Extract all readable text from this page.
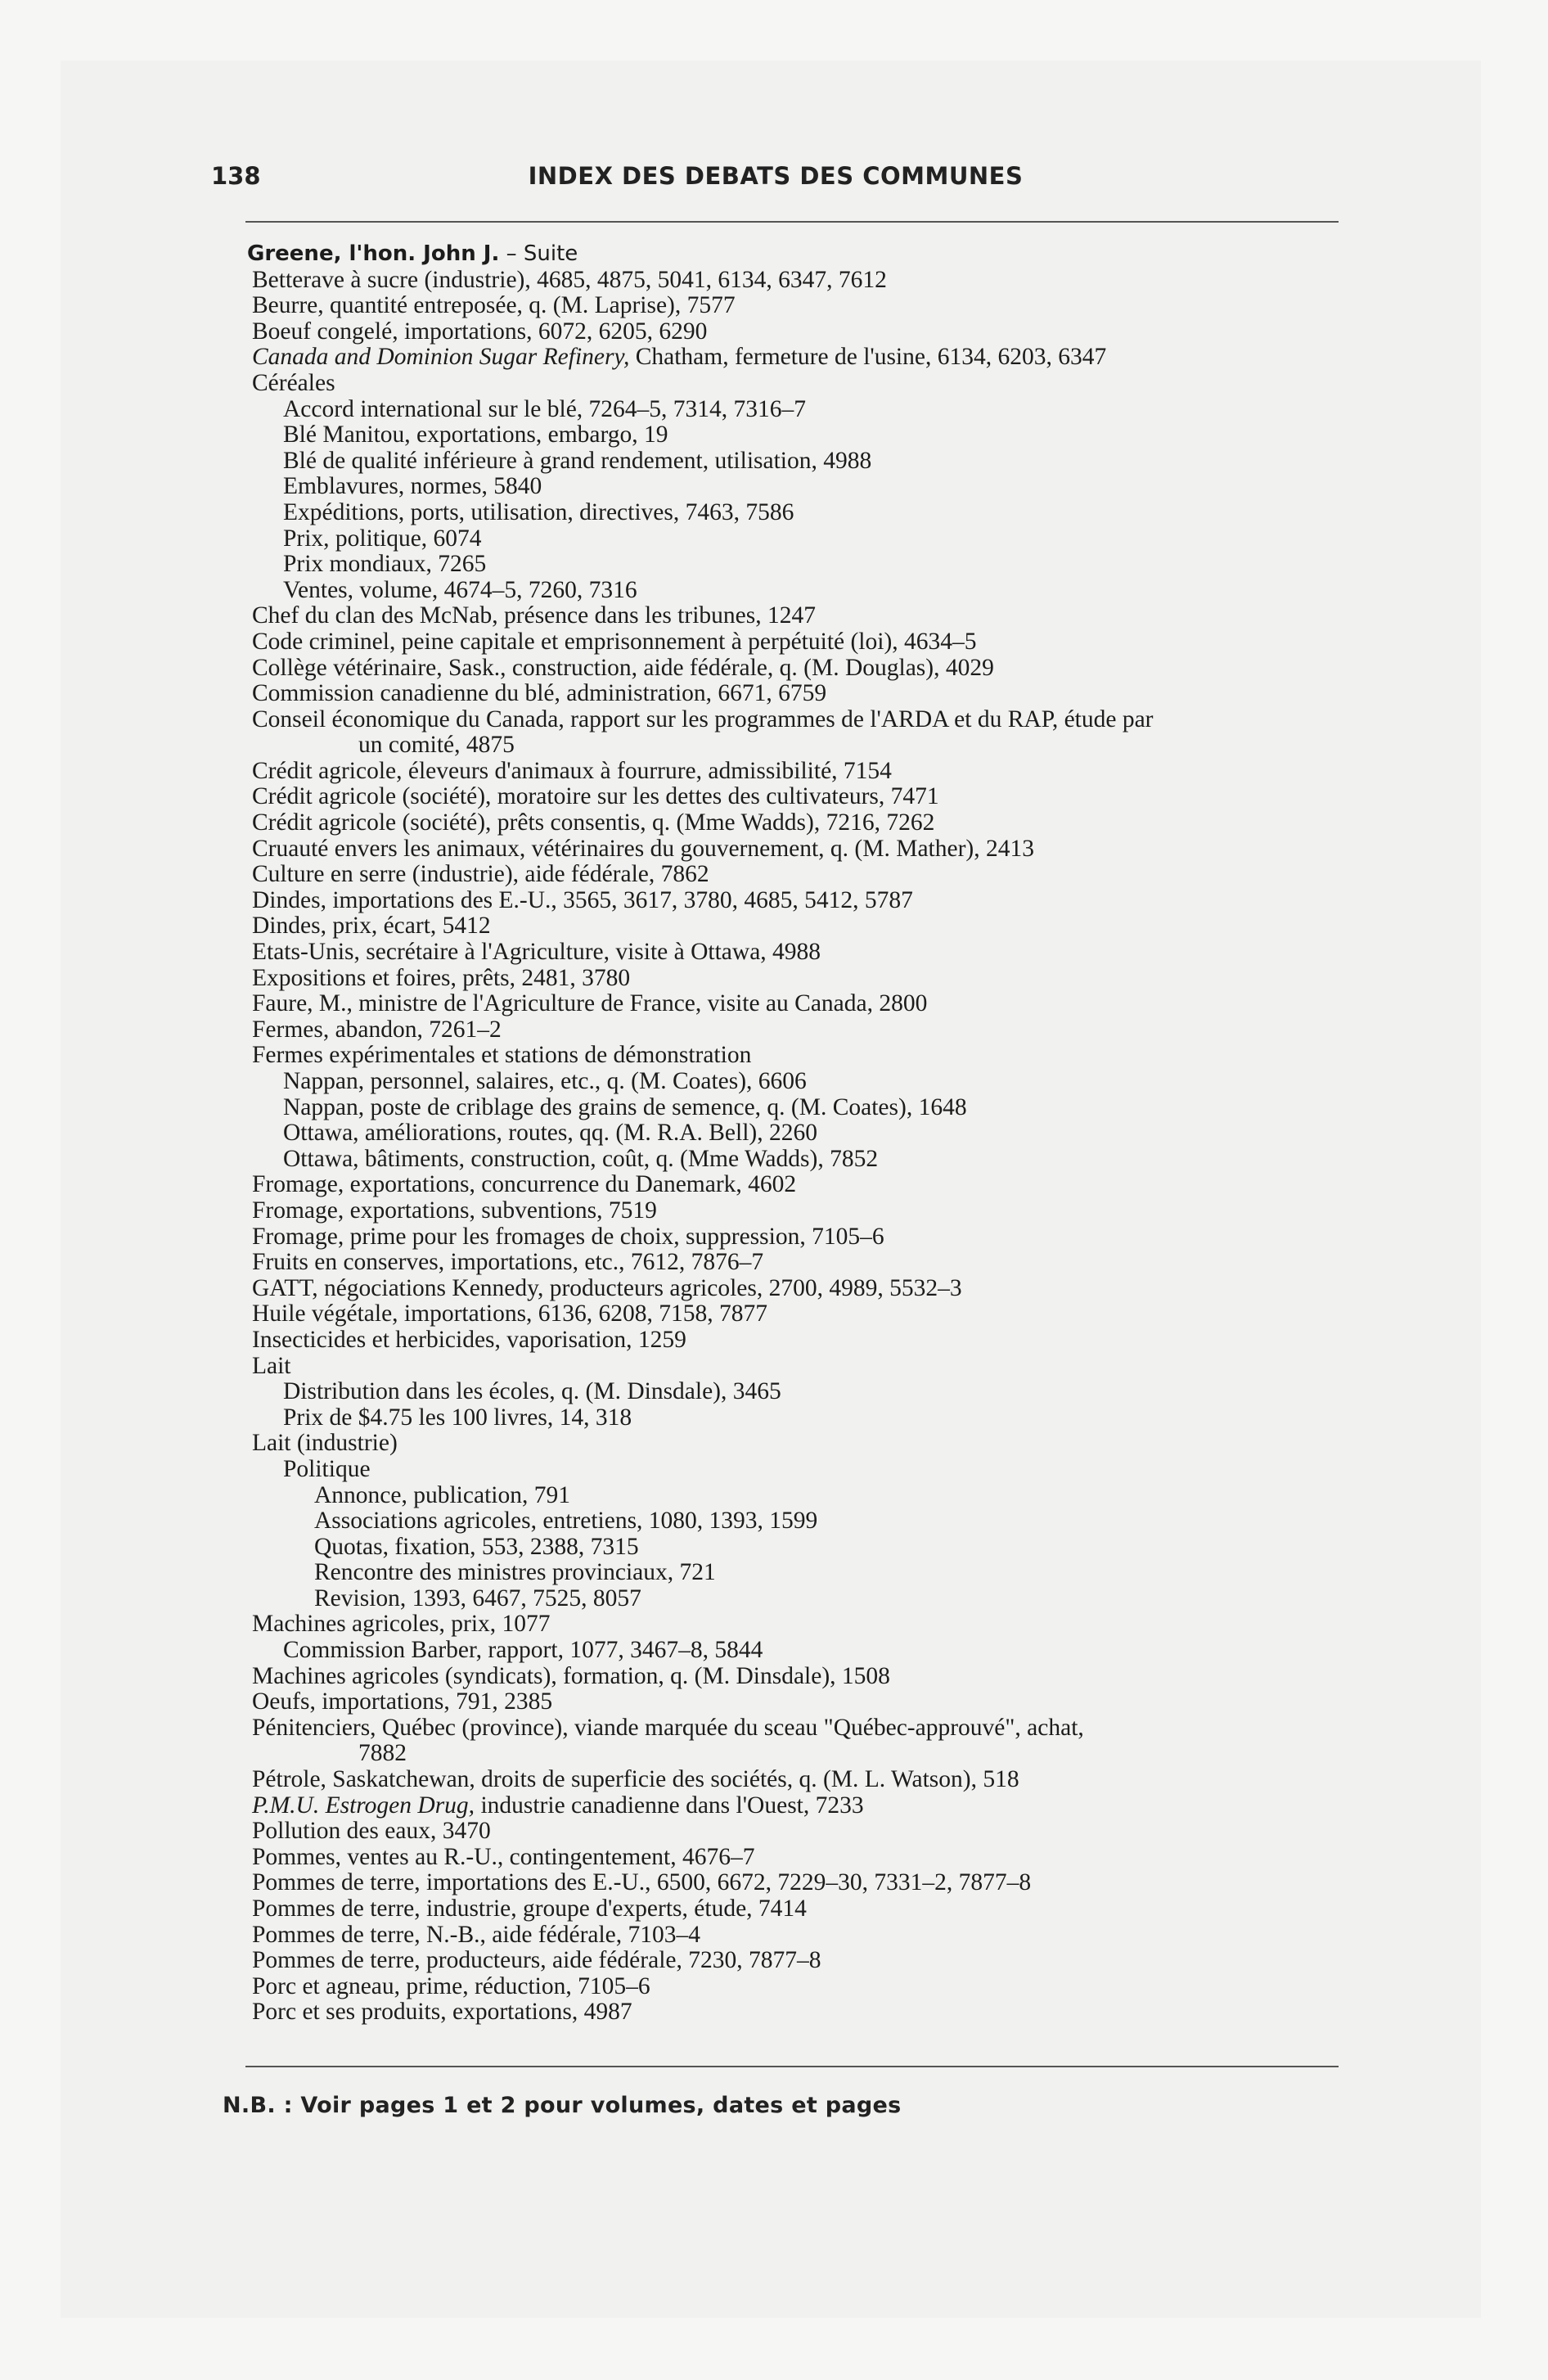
138	INDEX DES DEBATS DES COMMUNES
Greene, l'hon. John J. – Suite
Betterave à sucre (industrie), 4685, 4875, 5041, 6134, 6347, 7612
Beurre, quantité entreposée, q. (M. Laprise), 7577
Boeuf congelé, importations, 6072, 6205, 6290
Canada and Dominion Sugar Refinery, Chatham, fermeture de l'usine, 6134, 6203, 6347
Céréales
Accord international sur le blé, 7264–5, 7314, 7316–7
Blé Manitou, exportations, embargo, 19
Blé de qualité inférieure à grand rendement, utilisation, 4988
Emblavures, normes, 5840
Expéditions, ports, utilisation, directives, 7463, 7586
Prix, politique, 6074
Prix mondiaux, 7265
Ventes, volume, 4674–5, 7260, 7316
Chef du clan des McNab, présence dans les tribunes, 1247
Code criminel, peine capitale et emprisonnement à perpétuité (loi), 4634–5
Collège vétérinaire, Sask., construction, aide fédérale, q. (M. Douglas), 4029
Commission canadienne du blé, administration, 6671, 6759
Conseil économique du Canada, rapport sur les programmes de l'ARDA et du RAP, étude par
un comité, 4875
Crédit agricole, éleveurs d'animaux à fourrure, admissibilité, 7154
Crédit agricole (société), moratoire sur les dettes des cultivateurs, 7471
Crédit agricole (société), prêts consentis, q. (Mme Wadds), 7216, 7262
Cruauté envers les animaux, vétérinaires du gouvernement, q. (M. Mather), 2413
Culture en serre (industrie), aide fédérale, 7862
Dindes, importations des E.-U., 3565, 3617, 3780, 4685, 5412, 5787
Dindes, prix, écart, 5412
Etats-Unis, secrétaire à l'Agriculture, visite à Ottawa, 4988
Expositions et foires, prêts, 2481, 3780
Faure, M., ministre de l'Agriculture de France, visite au Canada, 2800
Fermes, abandon, 7261–2
Fermes expérimentales et stations de démonstration
Nappan, personnel, salaires, etc., q. (M. Coates), 6606
Nappan, poste de criblage des grains de semence, q. (M. Coates), 1648
Ottawa, améliorations, routes, qq. (M. R.A. Bell), 2260
Ottawa, bâtiments, construction, coût, q. (Mme Wadds), 7852
Fromage, exportations, concurrence du Danemark, 4602
Fromage, exportations, subventions, 7519
Fromage, prime pour les fromages de choix, suppression, 7105–6
Fruits en conserves, importations, etc., 7612, 7876–7
GATT, négociations Kennedy, producteurs agricoles, 2700, 4989, 5532–3
Huile végétale, importations, 6136, 6208, 7158, 7877
Insecticides et herbicides, vaporisation, 1259
Lait
Distribution dans les écoles, q. (M. Dinsdale), 3465
Prix de $4.75 les 100 livres, 14, 318
Lait (industrie)
Politique
Annonce, publication, 791
Associations agricoles, entretiens, 1080, 1393, 1599
Quotas, fixation, 553, 2388, 7315
Rencontre des ministres provinciaux, 721
Revision, 1393, 6467, 7525, 8057
Machines agricoles, prix, 1077
Commission Barber, rapport, 1077, 3467–8, 5844
Machines agricoles (syndicats), formation, q. (M. Dinsdale), 1508
Oeufs, importations, 791, 2385
Pénitenciers, Québec (province), viande marquée du sceau "Québec-approuvé", achat,
7882
Pétrole, Saskatchewan, droits de superficie des sociétés, q. (M. L. Watson), 518
P.M.U. Estrogen Drug, industrie canadienne dans l'Ouest, 7233
Pollution des eaux, 3470
Pommes, ventes au R.-U., contingentement, 4676–7
Pommes de terre, importations des E.-U., 6500, 6672, 7229–30, 7331–2, 7877–8
Pommes de terre, industrie, groupe d'experts, étude, 7414
Pommes de terre, N.-B., aide fédérale, 7103–4
Pommes de terre, producteurs, aide fédérale, 7230, 7877–8
Porc et agneau, prime, réduction, 7105–6
Porc et ses produits, exportations, 4987
N.B. : Voir pages 1 et 2 pour volumes, dates et pages
